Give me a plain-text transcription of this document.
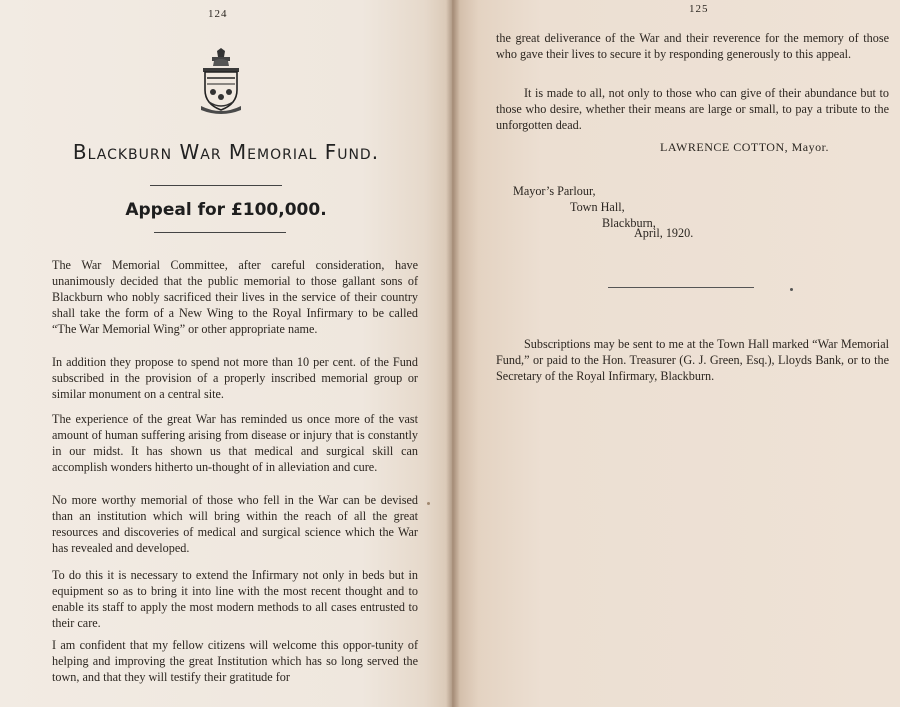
124
Blackburn War Memorial Fund.
Appeal for £100,000.

The War Memorial Committee, after careful consideration, have unanimously decided that the public memorial to those gallant sons of Blackburn who nobly sacrificed their lives in the service of their country shall take the form of a New Wing to the Royal Infirmary to be called “The War Memorial Wing” or other appropriate name.

In addition they propose to spend not more than 10 per cent. of the Fund subscribed in the provision of a properly inscribed memorial group or similar monument on a central site.

The experience of the great War has reminded us once more of the vast amount of human suffering arising from disease or injury that is constantly in our midst. It has shown us that medical and surgical skill can accomplish wonders hitherto un-thought of in alleviation and cure.

No more worthy memorial of those who fell in the War can be devised than an institution which will bring within the reach of all the great resources and discoveries of medical and surgical science which the War has revealed and developed.

To do this it is necessary to extend the Infirmary not only in beds but in equipment so as to bring it into line with the most recent thought and to enable its staff to apply the most modern methods to all cases entrusted to their care.

I am confident that my fellow citizens will welcome this oppor-tunity of helping and improving the great Institution which has so long served the town, and that they will testify their gratitude for

125

the great deliverance of the War and their reverence for the memory of those who gave their lives to secure it by responding generously to this appeal.

It is made to all, not only to those who can give of their abundance but to those who desire, whether their means are large or small, to pay a tribute to the unforgotten dead.

LAWRENCE COTTON, Mayor.
Mayor’s Parlour,
Town Hall,
Blackburn,
April, 1920.

Subscriptions may be sent to me at the Town Hall marked “War Memorial Fund,” or paid to the Hon. Treasurer (G. J. Green, Esq.), Lloyds Bank, or to the Secretary of the Royal Infirmary, Blackburn.
